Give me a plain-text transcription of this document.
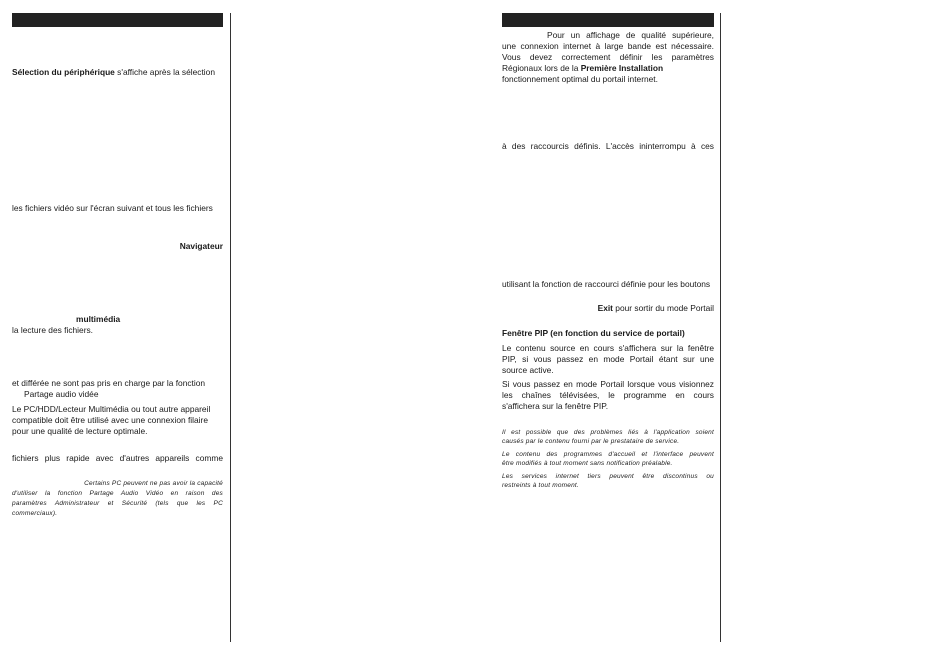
Sélection du périphérique s'affiche après la sélection
les fichiers vidéo sur l'écran suivant et tous les fichiers
Navigateur
multimédia
la lecture des fichiers.
et différée ne sont pas pris en charge par la fonction
Partage audio vidée
Le PC/HDD/Lecteur Multimédia ou tout autre appareil
compatible doit être utilisé avec une connexion filaire
pour une qualité de lecture optimale.
fichiers plus rapide avec d'autres appareils comme
Certains PC peuvent ne pas avoir la capacité
d'utiliser la fonction Partage Audio Vidéo en raison des
paramètres Administrateur et Sécurité (tels que les PC
commerciaux).
Pour un affichage de qualité supérieure,
une connexion internet à large bande est nécessaire.
Vous devez correctement définir les paramètres
Régionaux lors de la Première Installation
fonctionnement optimal du portail internet.
à des raccourcis définis. L'accès ininterrompu à ces
utilisant la fonction de raccourci définie pour les boutons
Exit pour sortir du mode Portail
Fenêtre PIP (en fonction du service de portail)
Le contenu source en cours s'affichera sur la fenêtre
PIP, si vous passez en mode Portail étant sur une
source active.
Si vous passez en mode Portail lorsque vous visionnez
les chaînes télévisées, le programme en cours
s'affichera sur la fenêtre PIP.
Il est possible que des problèmes liés à l'application soient
causés par le contenu fourni par le prestataire de service.
Le contenu des programmes d'accueil et l'interface peuvent
être modifiés à tout moment sans notification préalable.
Les services internet tiers peuvent être discontinus ou
restreints à tout moment.
